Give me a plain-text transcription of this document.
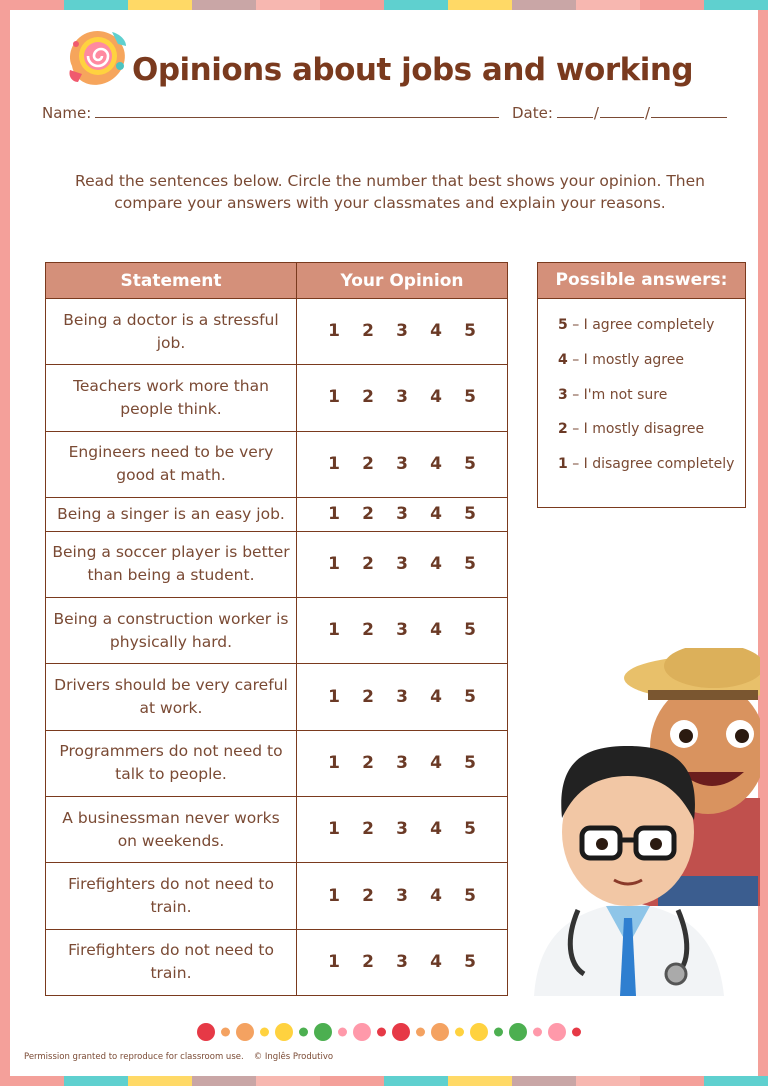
Opinions about jobs and working
Name:	Date:	/	/
Read the sentences below. Circle the number that best shows your opinion. Then compare your answers with your classmates and explain your reasons.
Statement	Your Opinion
Being a doctor is a stressful job.	1 2 3 4 5

Teachers work more than people think.	1 2 3 4 5

Engineers need to be very good at math.	1 2 3 4 5

Being a singer is an easy job.	1 2 3 4 5

Being a soccer player is better than being a student.	1 2 3 4 5

Being a construction worker is physically hard.	1 2 3 4 5

Drivers should be very careful at work.	1 2 3 4 5

Programmers do not need to talk to people.	1 2 3 4 5

A businessman never works on weekends.	1 2 3 4 5

Firefighters do not need to train.	1 2 3 4 5

Firefighters do not need to train.	1 2 3 4 5
Possible answers:
5 – I agree completely
4 – I mostly agree
3 – I'm not sure
2 – I mostly disagree
1 – I disagree completely
Permission granted to reproduce for classroom use. © Inglês Produtivo
